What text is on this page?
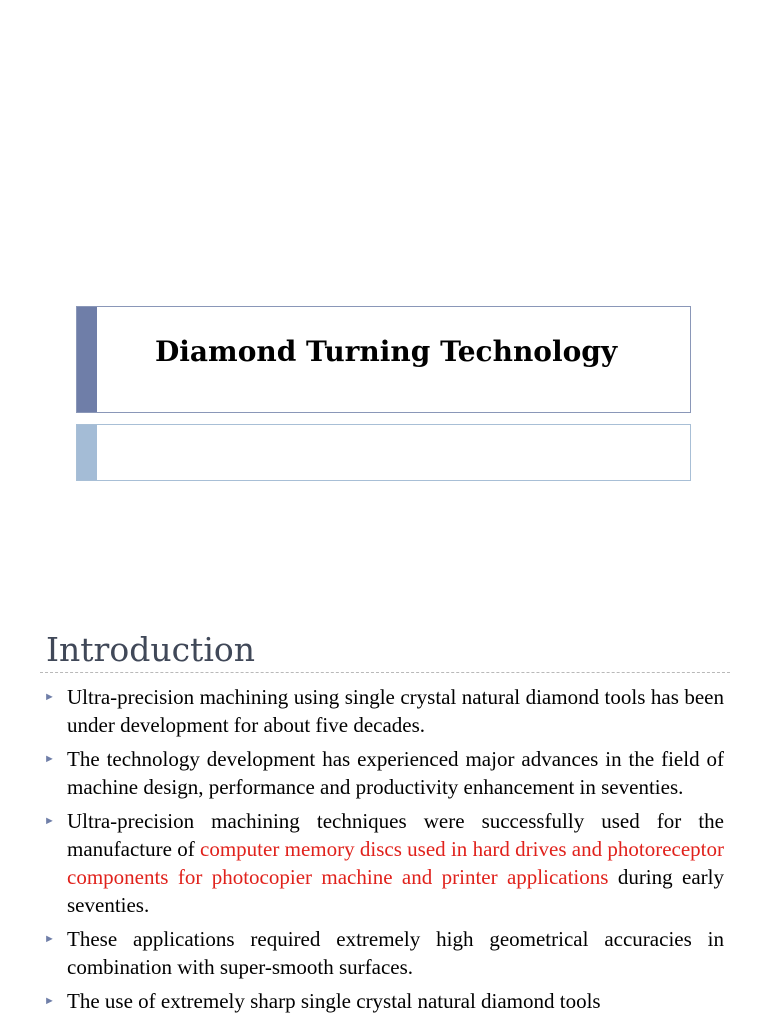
Diamond Turning Technology
Introduction
► Ultra-precision machining using single crystal natural diamond tools has been under development for about five decades.
► The technology development has experienced major advances in the field of machine design, performance and productivity enhancement in seventies.
► Ultra-precision machining techniques were successfully used for the manufacture of computer memory discs used in hard drives and photoreceptor components for photocopier machine and printer applications during early seventies.
► These applications required extremely high geometrical accuracies in combination with super-smooth surfaces.
► The use of extremely sharp single crystal natural diamond tools
